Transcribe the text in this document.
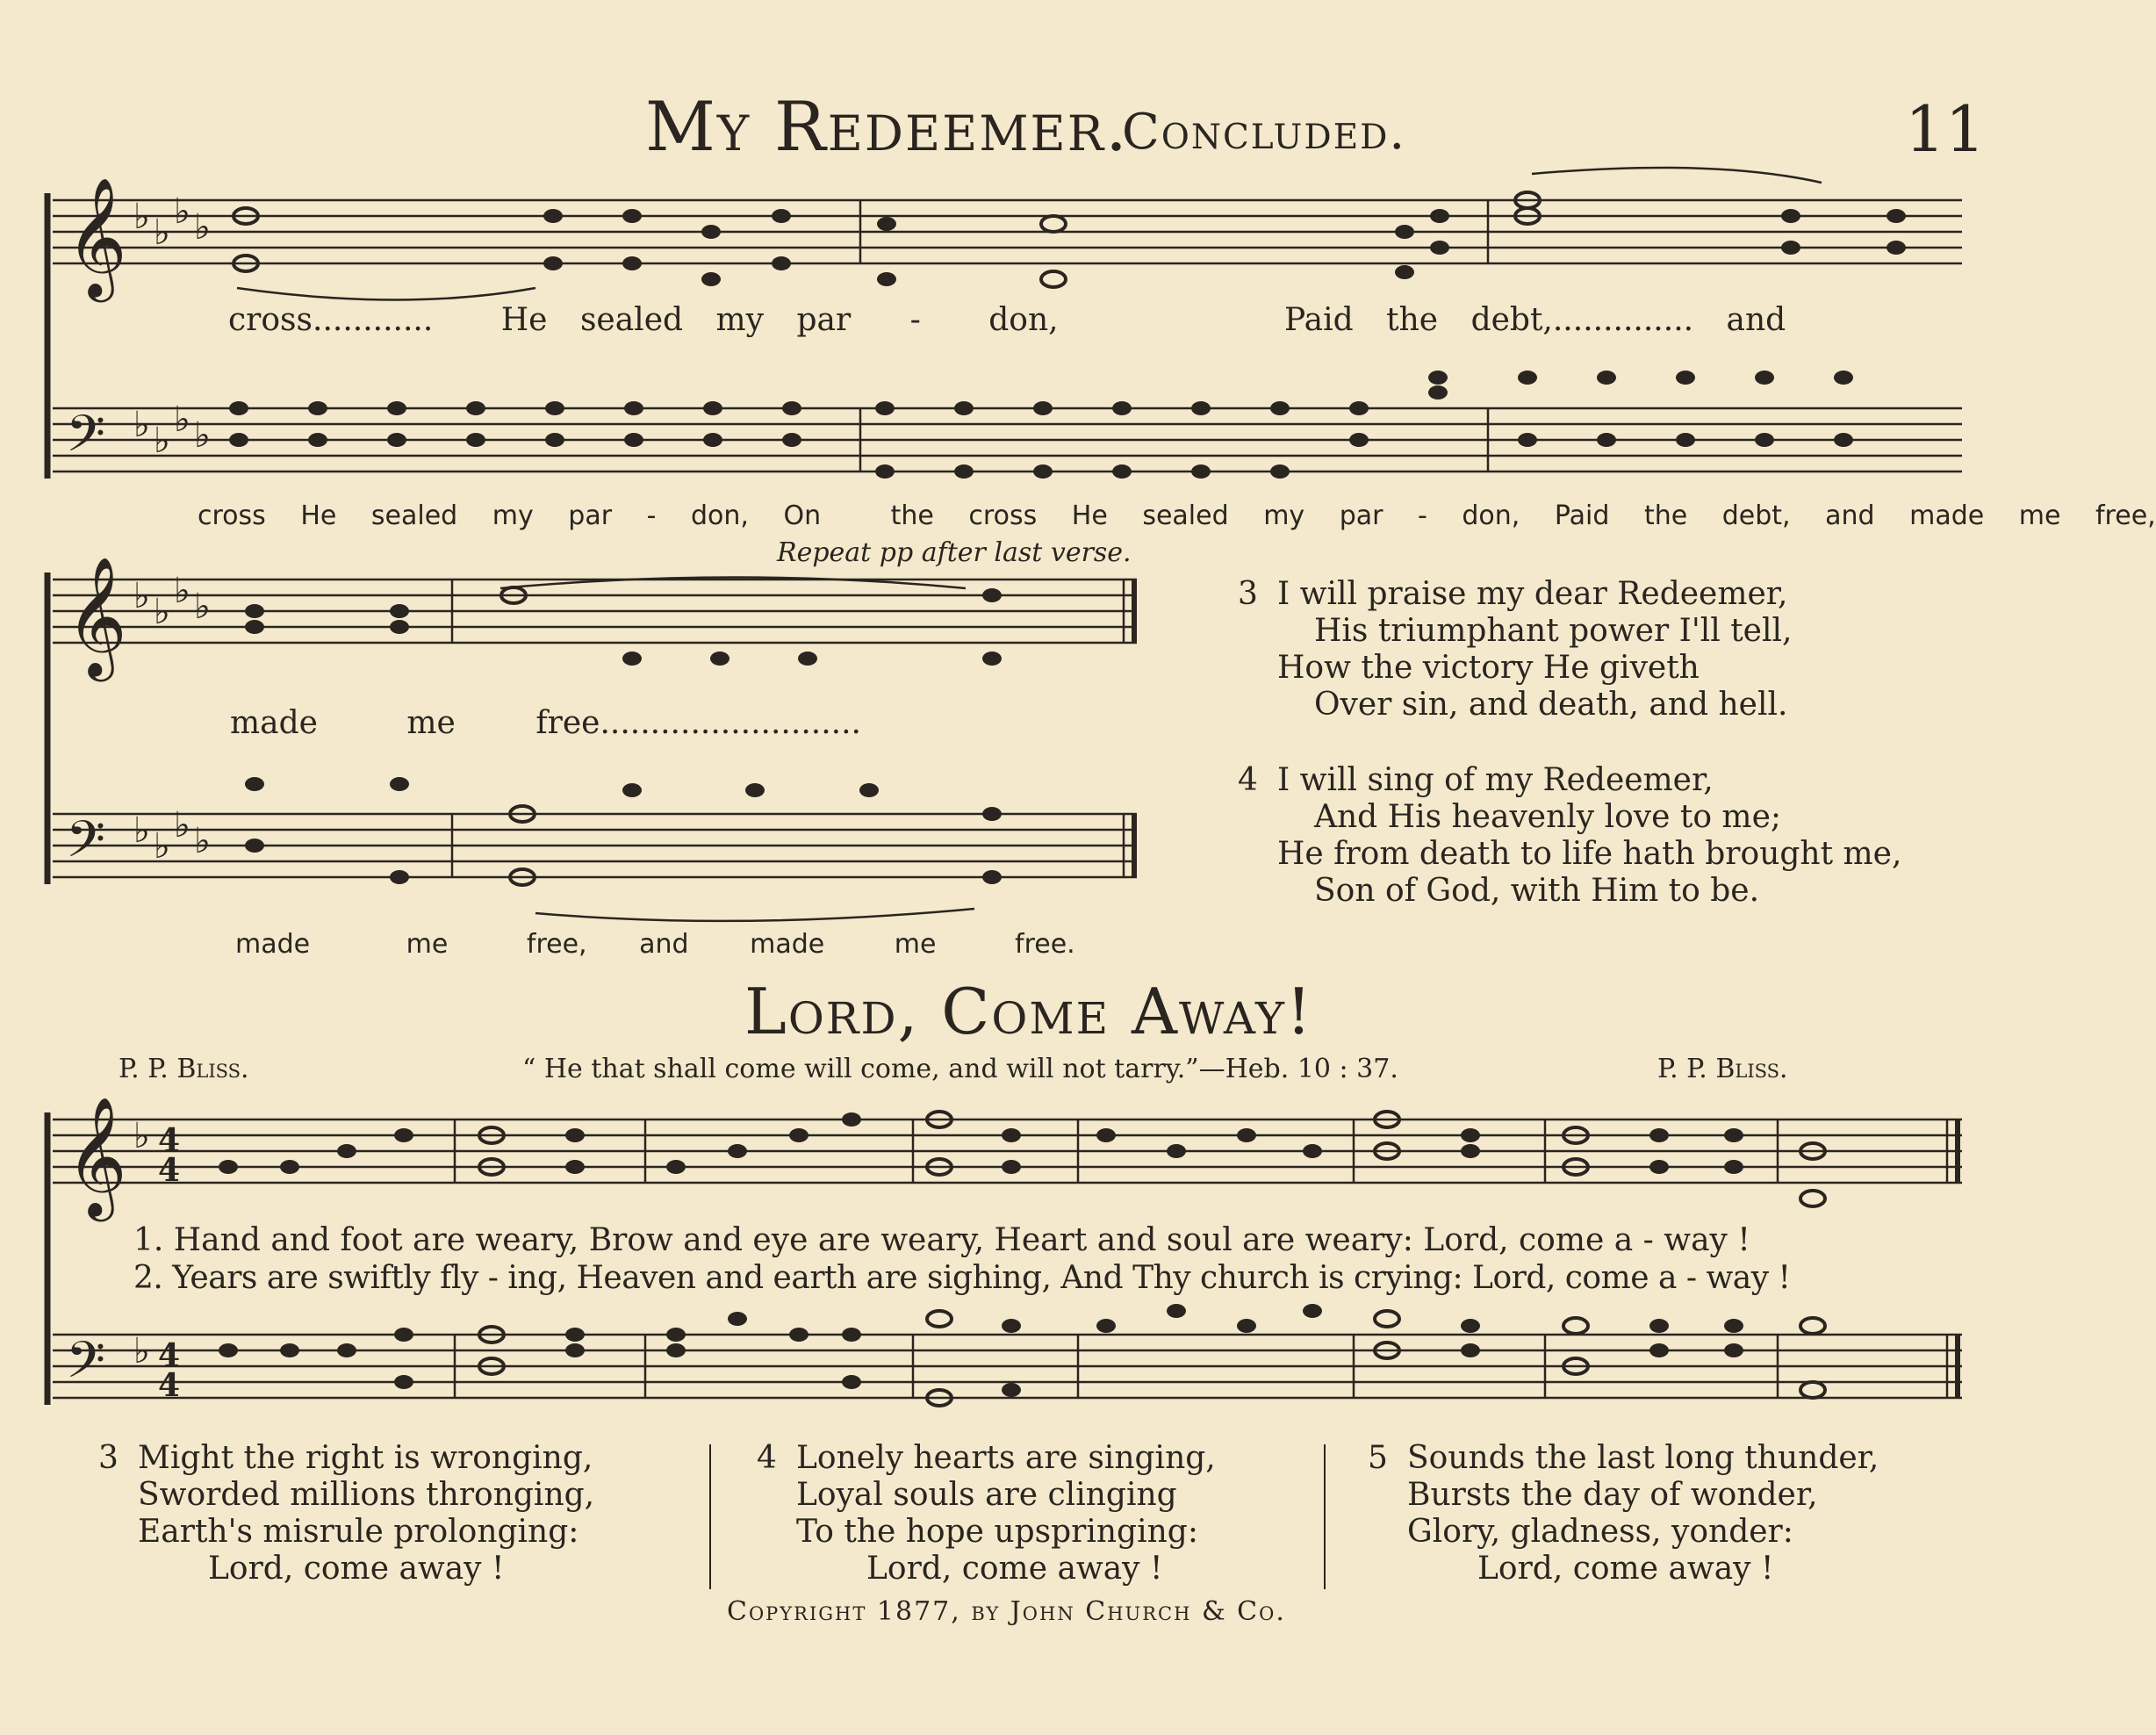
My Redeemer.
Concluded.	11
𝄞
𝄢
♭ ♭
♭ ♭
♭ ♭
♭ ♭
cross............ He sealed my par - don,	Paid the debt,.............. and
cross He sealed my par - don, On	the cross He sealed my par - don, Paid the debt, and made me free,
Repeat pp after last verse.
𝄞
𝄢
♭ ♭
♭ ♭
♭ ♭
♭ ♭
made	me	free..........................
made	me	free, and made	me	free.
3 I will praise my dear Redeemer,
His triumphant power I'll tell,
How the victory He giveth
Over sin, and death, and hell.
4 I will sing of my Redeemer,
And His heavenly love to me;
He from death to life hath brought me,
Son of God, with Him to be.
Lord, Come Away!
P. P. Bliss.	“ He that shall come will come, and will not tarry.”—Heb. 10 : 37.	P. P. Bliss.
𝄞
𝄢
♭
♭
4
4
4
4
1. Hand and foot are weary, Brow and eye are weary, Heart and soul are weary: Lord, come a - way !
2. Years are swiftly fly - ing, Heaven and earth are sighing, And Thy church is crying: Lord, come a - way !
3 Might the right is wronging,
Sworded millions thronging,
Earth's misrule prolonging:
Lord, come away !
4 Lonely hearts are singing,
Loyal souls are clinging
To the hope upspringing:
Lord, come away !
5 Sounds the last long thunder,
Bursts the day of wonder,
Glory, gladness, yonder:
Lord, come away !
Copyright 1877, by John Church & Co.
